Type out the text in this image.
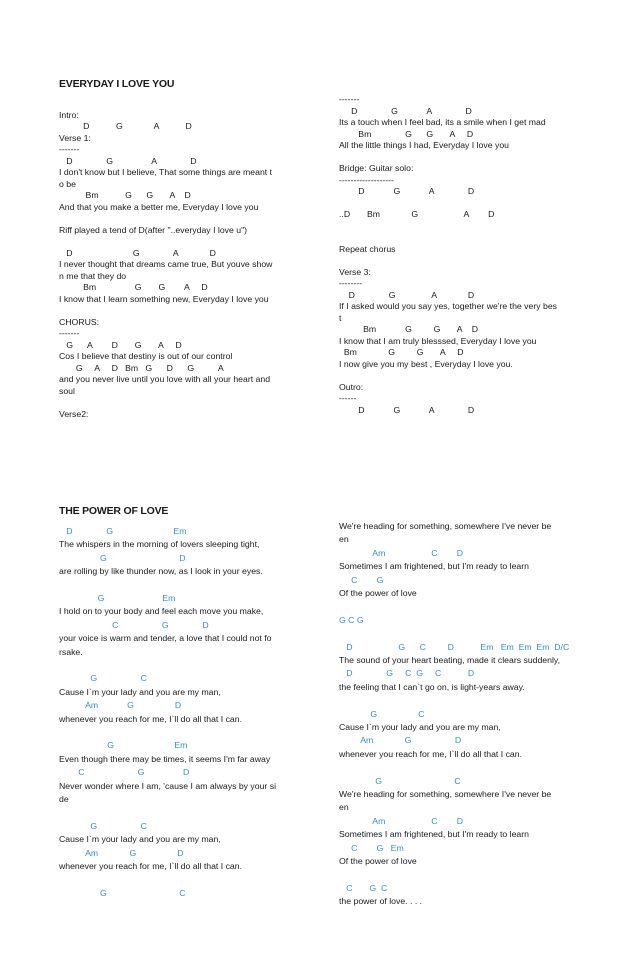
EVERYDAY I LOVE YOU
Intro:
D           G             A           D
Verse 1:
-------
D              G                A              D
I don't know but I believe, That some things are meant t
o be
Bm           G      G       A    D
And that you make a better me, Everyday I love you
Riff played a tend of D(after "..everyday I love u")
D                         G              A             D
I never thought that dreams came true, But youve show
n me that they do
Bm                G       G        A     D
I know that I learn something new, Everyday I love you
CHORUS:
-------
G      A        D       G       A     D
Cos I believe that destiny is out of our control
G     A     D   Bm   G      D      G          A
and you never live until you love with all your heart and
soul
Verse2:
-------
D              G            A              D
Its a touch when I feel bad, its a smile when I get mad
Bm              G      G       A     D
All the little things I had, Everyday I love you
Bridge: Guitar solo:
-------------------
D            G            A              D
..D       Bm             G                   A        D
Repeat chorus
Verse 3:
--------
D              G               A             D
If I asked would you say yes, together we're the very bes
t
Bm            G         G       A    D
I know that I am truly blesssed, Everyday I love you
Bm             G         G       A     D
I now give you my best , Everyday I love you.
Outro:
------
D            G            A              D
THE POWER OF LOVE
D              G                         Em
The whispers in the morning of lovers sleeping tight,
G                              D
are rolling by like thunder now, as I look in your eyes.
G                        Em
I hold on to your body and feel each move you make,
C                  G              D
your voice is warm and tender, a love that I could not fo
rsake.
G                  C
Cause I`m your lady and you are my man,
Am            G                 D
whenever you reach for me, I`ll do all that I can.
G                         Em
Even though there may be times, it seems I'm far away
C                      G                D
Never wonder where I am, 'cause I am always by your si
de
G                  C
Cause I`m your lady and you are my man,
Am             G                 D
whenever you reach for me, I`ll do all that I can.
G                              C
We're heading for something, somewhere I've never be
en
Am                   C        D
Sometimes I am frightened, but I'm ready to learn
C        G
Of the power of love
G C G
D                   G      C         D           Em   Em  Em  Em  D/C
The sound of your heart beating, made it clears suddenly,
D              G     C  G     C           D
the feeling that I can`t go on, is light-years away.
G                 C
Cause I`m your lady and you are my man,
Am             G                  D
whenever you reach for me, I`ll do all that I can.
G                              C
We're heading for something, somewhere I've never be
en
Am                   C        D
Sometimes I am frightened, but I'm ready to learn
C        G   Em
Of the power of love
C       G  C
the power of love. . . .
